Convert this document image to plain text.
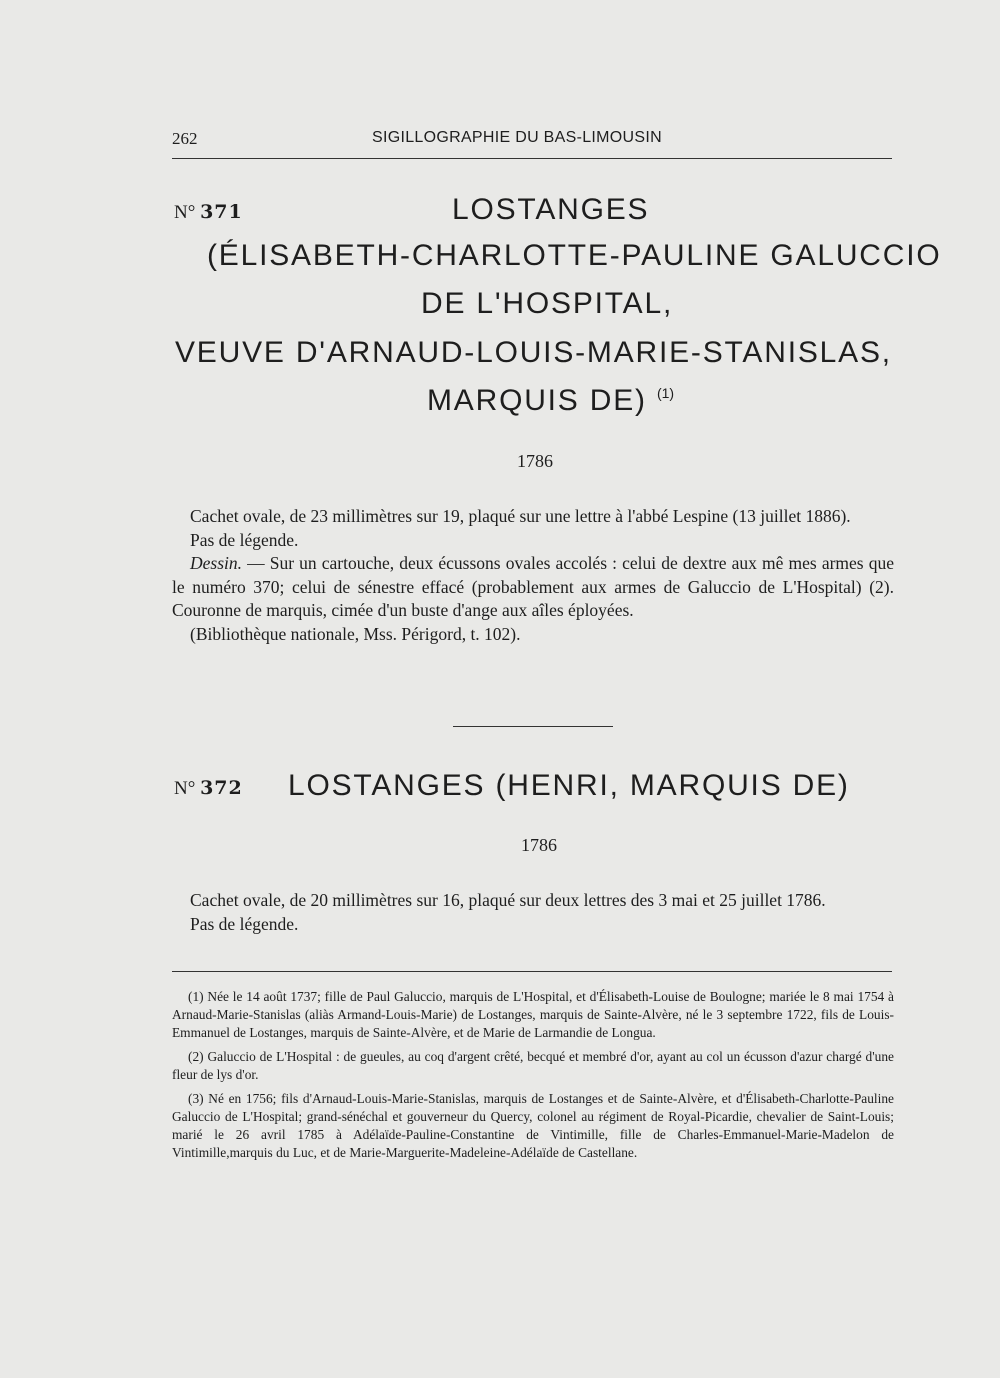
262	SIGILLOGRAPHIE DU BAS-LIMOUSIN
N° 371	LOSTANGES
(ÉLISABETH-CHARLOTTE-PAULINE GALUCCIO
DE L'HOSPITAL,
VEUVE D'ARNAUD-LOUIS-MARIE-STANISLAS,
MARQUIS DE) $^{(1)}$
1786

Cachet ovale, de 23 millimètres sur 19, plaqué sur une lettre à l'abbé Lespine (13 juillet 1886).

Pas de légende.

Dessin. — Sur un cartouche, deux écussons ovales accolés : celui de dextre aux mê mes armes que le numéro 370; celui de sénestre effacé (probablement aux armes de Galuccio de L'Hospital) (2). Couronne de marquis, cimée d'un buste d'ange aux aîles éployées.

(Bibliothèque nationale, Mss. Périgord, t. 102).

N° 372 LOSTANGES (HENRI, MARQUIS DE)
1786

Cachet ovale, de 20 millimètres sur 16, plaqué sur deux lettres des 3 mai et 25 juillet 1786.

Pas de légende.

(1) Née le 14 août 1737; fille de Paul Galuccio, marquis de L'Hospital, et d'Élisabeth-Louise de Boulogne; mariée le 8 mai 1754 à Arnaud-Marie-Stanislas (aliàs Armand-Louis-Marie) de Lostanges, marquis de Sainte-Alvère, né le 3 septembre 1722, fils de Louis-Emmanuel de Lostanges, marquis de Sainte-Alvère, et de Marie de Larmandie de Longua.

(2) Galuccio de L'Hospital : de gueules, au coq d'argent crêté, becqué et membré d'or, ayant au col un écusson d'azur chargé d'une fleur de lys d'or.

(3) Né en 1756; fils d'Arnaud-Louis-Marie-Stanislas, marquis de Lostanges et de Sainte-Alvère, et d'Élisabeth-Charlotte-Pauline Galuccio de L'Hospital; grand-sénéchal et gouverneur du Quercy, colonel au régiment de Royal-Picardie, chevalier de Saint-Louis; marié le 26 avril 1785 à Adélaïde-Pauline-Constantine de Vintimille, fille de Charles-Emmanuel-Marie-Madelon de Vintimille,marquis du Luc, et de Marie-Marguerite-Madeleine-Adélaïde de Castellane.
